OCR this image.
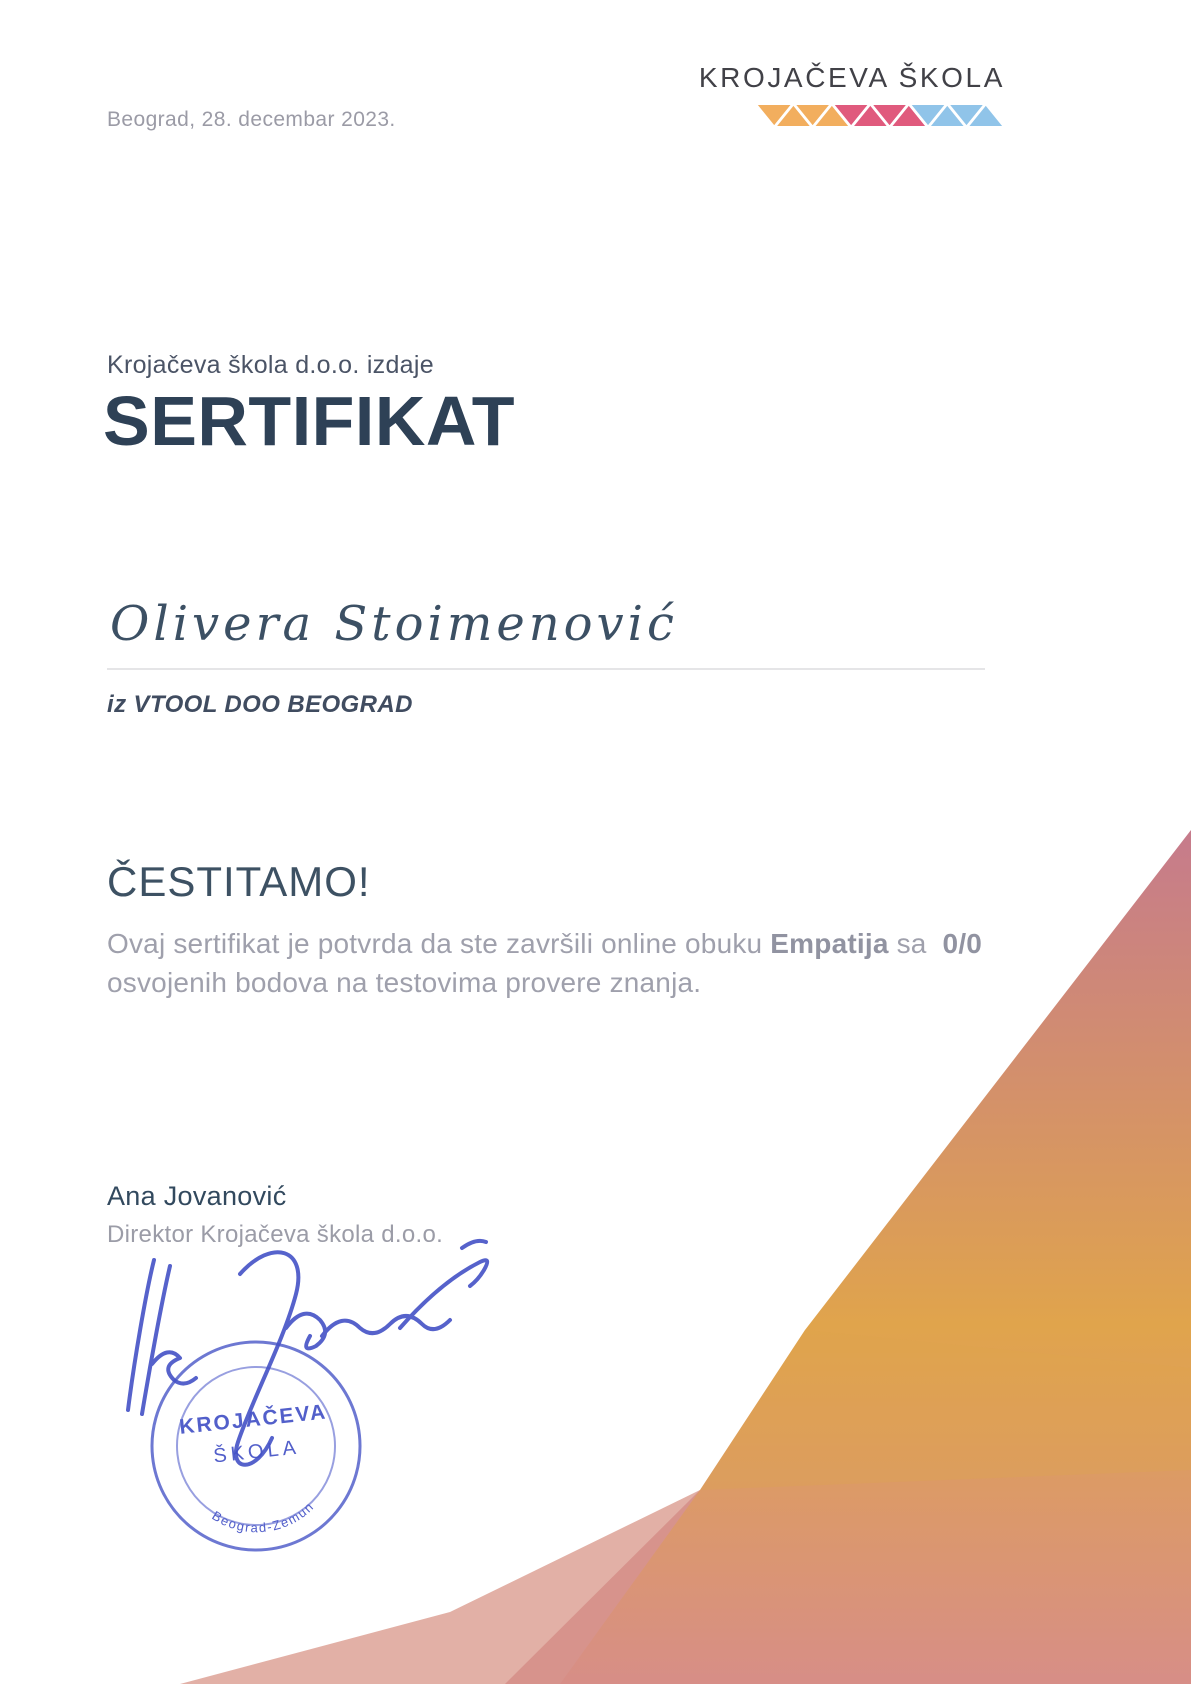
Beograd, 28. decembar 2023.
KROJAČEVA ŠKOLA
Krojačeva škola d.o.o. izdaje
SERTIFIKAT
Olivera Stoimenović
iz VTOOL DOO BEOGRAD
ČESTITAMO!
Ovaj sertifikat je potvrda da ste završili online obuku Empatija sa 0/0 osvojenih bodova na testovima provere znanja.
Ana Jovanović
Direktor Krojačeva škola d.o.o.
KROJAČEVA
ŠKOLA
Beograd-Zemun
